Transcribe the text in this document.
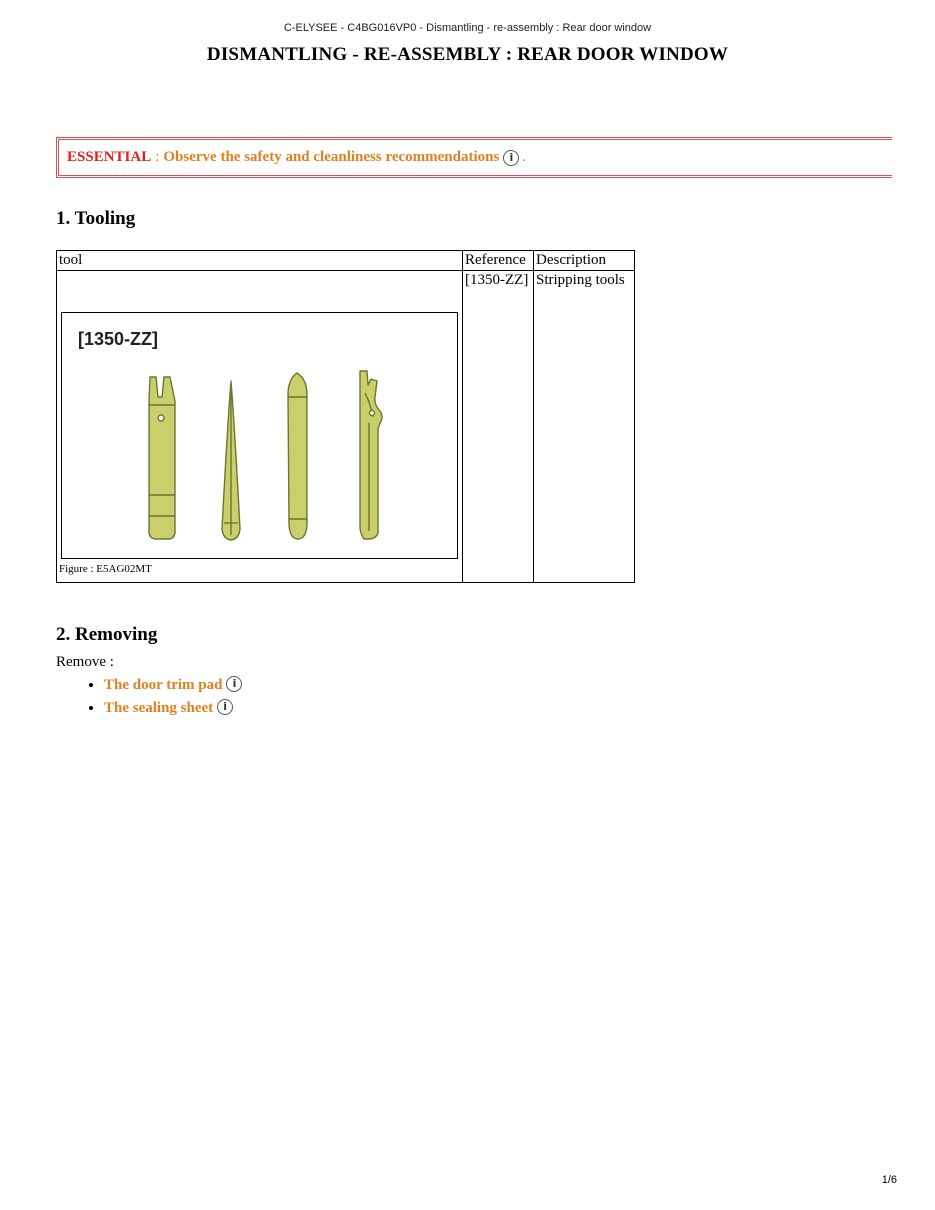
C-ELYSEE - C4BG016VP0 - Dismantling - re-assembly : Rear door window
DISMANTLING - RE-ASSEMBLY : REAR DOOR WINDOW
ESSENTIAL : Observe the safety and cleanliness recommendations i .
1. Tooling
tool	Reference	Description

[1350-ZZ]
Figure : E5AG02MT	[1350-ZZ]	Stripping tools
2. Removing

Remove :

• The door trim pad i
• The sealing sheet i
1/6
